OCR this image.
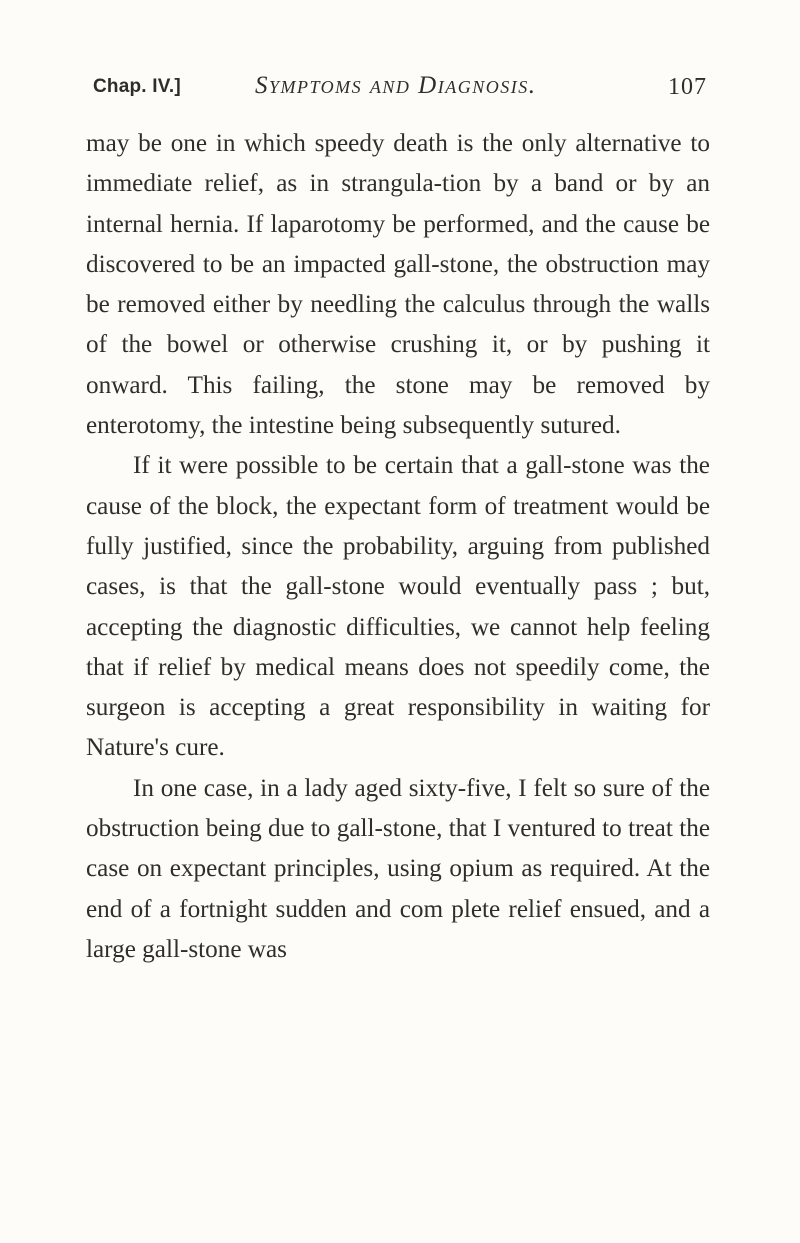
Chap. IV.]	Symptoms and Diagnosis.	107

may be one in which speedy death is the only alternative to immediate relief, as in strangula-tion by a band or by an internal hernia. If laparotomy be performed, and the cause be discovered to be an impacted gall-stone, the obstruction may be removed either by needling the calculus through the walls of the bowel or otherwise crushing it, or by pushing it onward. This failing, the stone may be removed by enterotomy, the intestine being subsequently sutured.

If it were possible to be certain that a gall-stone was the cause of the block, the expectant form of treatment would be fully justified, since the probability, arguing from published cases, is that the gall-stone would eventually pass ; but, accepting the diagnostic difficulties, we cannot help feeling that if relief by medical means does not speedily come, the surgeon is accepting a great responsibility in waiting for Nature's cure.

In one case, in a lady aged sixty-five, I felt so sure of the obstruction being due to gall-stone, that I ventured to treat the case on expectant principles, using opium as required. At the end of a fortnight sudden and com plete relief ensued, and a large gall-stone was
